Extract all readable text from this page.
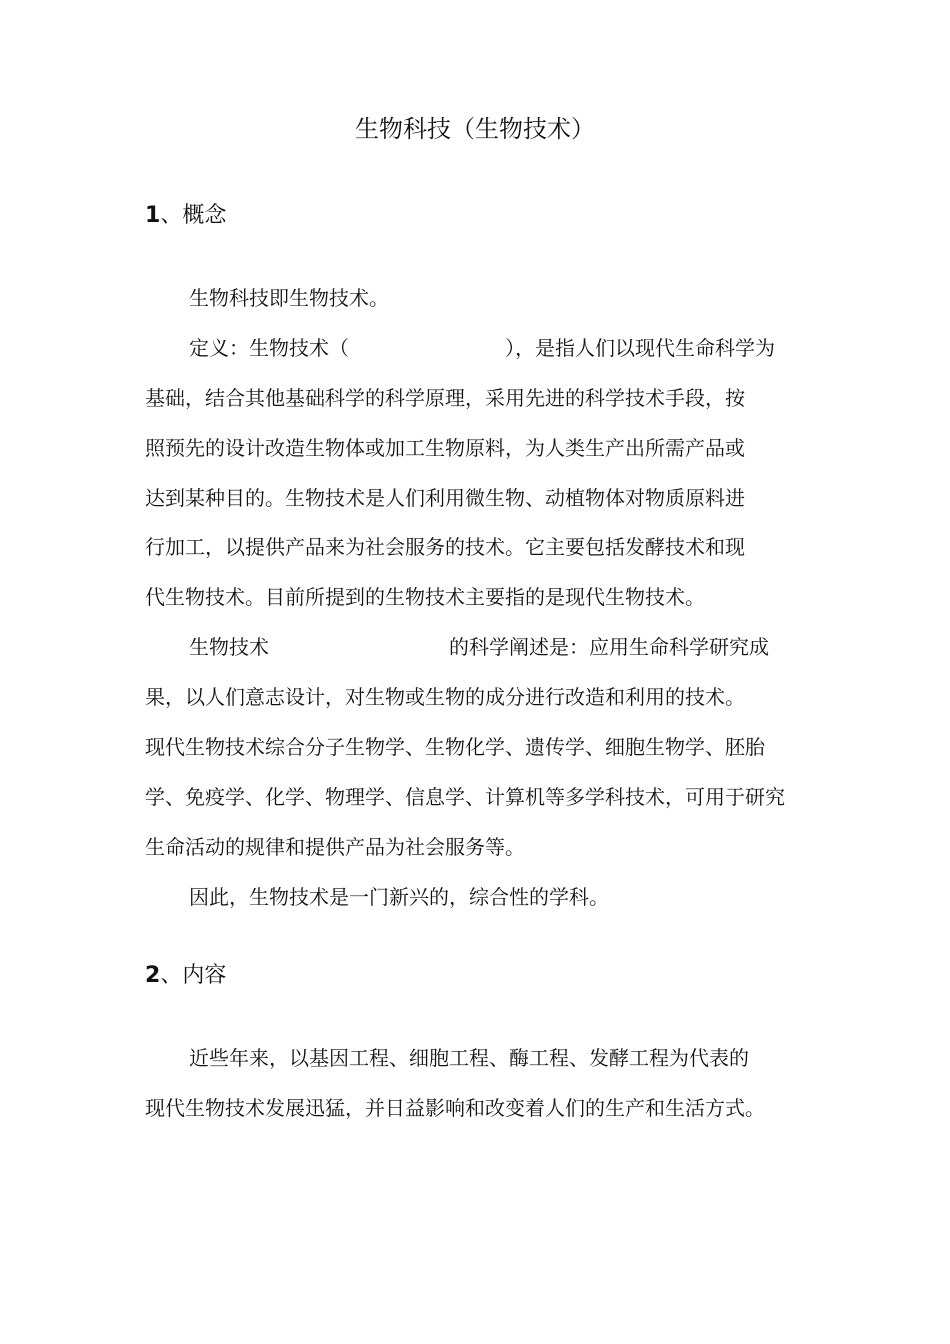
生物科技（生物技术）
1、概念

生物科技即生物技术。

定义：生物技术（	），是指人们以现代生命科学为

基础，结合其他基础科学的科学原理，采用先进的科学技术手段，按

照预先的设计改造生物体或加工生物原料，为人类生产出所需产品或

达到某种目的。生物技术是人们利用微生物、动植物体对物质原料进

行加工，以提供产品来为社会服务的技术。它主要包括发酵技术和现

代生物技术。目前所提到的生物技术主要指的是现代生物技术。

生物技术	的科学阐述是：应用生命科学研究成

果，以人们意志设计，对生物或生物的成分进行改造和利用的技术。

现代生物技术综合分子生物学、生物化学、遗传学、细胞生物学、胚胎

学、免疫学、化学、物理学、信息学、计算机等多学科技术，可用于研究

生命活动的规律和提供产品为社会服务等。

因此，生物技术是一门新兴的，综合性的学科。

2、内容

近些年来，以基因工程、细胞工程、酶工程、发酵工程为代表的

现代生物技术发展迅猛，并日益影响和改变着人们的生产和生活方式。
